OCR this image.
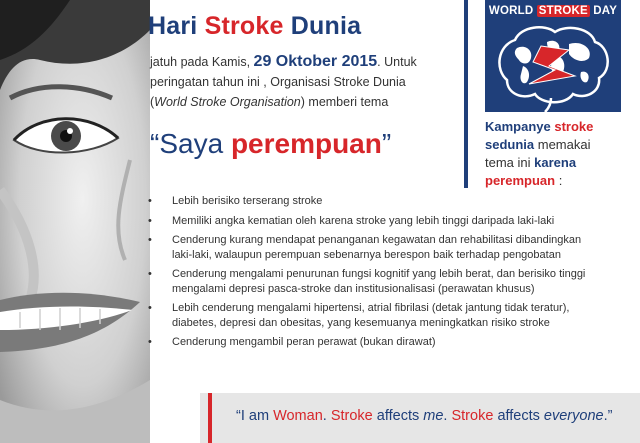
Hari Stroke Dunia
jatuh pada Kamis, 29 Oktober 2015. Untuk
peringatan tahun ini , Organisasi Stroke Dunia
(World Stroke Organisation) memberi tema
“Saya perempuan”
WORLD STROKE DAY
Kampanye stroke
sedunia memakai
tema ini karena
perempuan :
• Lebih berisiko terserang stroke
• Memiliki angka kematian oleh karena stroke yang lebih tinggi daripada laki-laki
• Cenderung kurang mendapat penanganan kegawatan dan rehabilitasi dibandingkan laki-laki, walaupun perempuan sebenarnya berespon baik terhadap pengobatan
• Cenderung mengalami penurunan fungsi kognitif yang lebih berat, dan berisiko tinggi mengalami depresi pasca-stroke dan institusionalisasi (perawatan khusus)
• Lebih cenderung mengalami hipertensi, atrial fibrilasi (detak jantung tidak teratur), diabetes, depresi dan obesitas, yang kesemuanya meningkatkan risiko stroke
• Cenderung mengambil peran perawat (bukan dirawat)
“I am Woman. Stroke affects me. Stroke affects everyone.”
